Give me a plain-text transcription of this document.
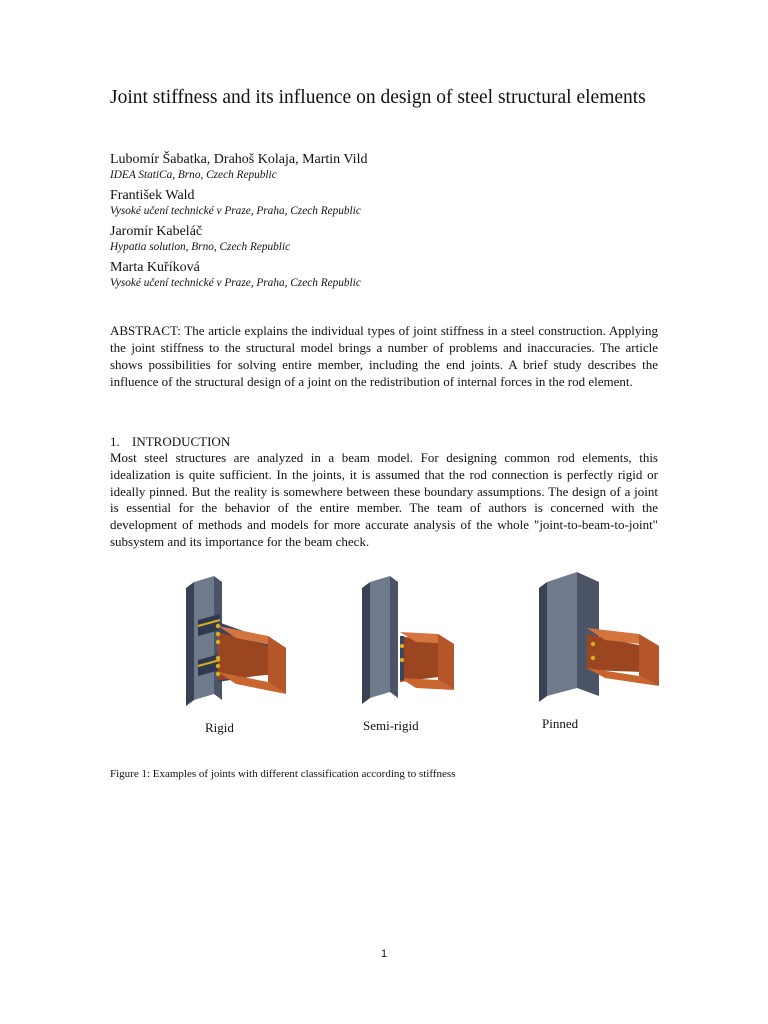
Joint stiffness and its influence on design of steel structural elements
Lubomír Šabatka, Drahoš Kolaja, Martin Vild
IDEA StatiCa, Brno, Czech Republic
František Wald
Vysoké učení technické v Praze, Praha, Czech Republic
Jaromír Kabeláč
Hypatia solution, Brno, Czech Republic
Marta Kuříková
Vysoké učení technické v Praze, Praha, Czech Republic

ABSTRACT: The article explains the individual types of joint stiffness in a steel construction. Applying the joint stiffness to the structural model brings a number of problems and inaccuracies. The article shows possibilities for solving entire member, including the end joints. A brief study describes the influence of the structural design of a joint on the redistribution of internal forces in the rod element.

1. INTRODUCTION

Most steel structures are analyzed in a beam model. For designing common rod elements, this idealization is quite sufficient. In the joints, it is assumed that the rod connection is perfectly rigid or ideally pinned. But the reality is somewhere between these boundary assumptions. The design of a joint is essential for the behavior of the entire member. The team of authors is concerned with the development of methods and models for more accurate analysis of the whole "joint-to-beam-to-joint" subsystem and its importance for the beam check.

Rigid	Semi-rigid	Pinned
Figure 1: Examples of joints with different classification according to stiffness
1
